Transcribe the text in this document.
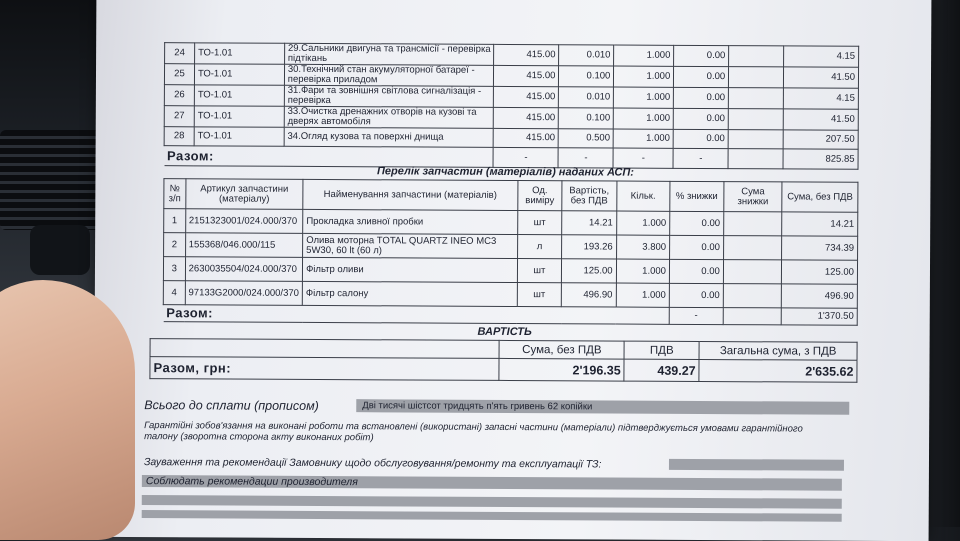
24	ТО-1.01	29.Сальники двигуна та трансмісії - перевірка підтікань	415.00	0.010	1.000	0.00		4.15
25	ТО-1.01	30.Технічний стан акумуляторної батареї - перевірка приладом	415.00	0.100	1.000	0.00		41.50
26	ТО-1.01	31.Фари та зовнішня світлова сигналізація - перевірка	415.00	0.010	1.000	0.00		4.15
27	ТО-1.01	33.Очистка дренажних отворів на кузові та дверях автомобіля	415.00	0.100	1.000	0.00		41.50
28	ТО-1.01	34.Огляд кузова та поверхні днища	415.00	0.500	1.000	0.00		207.50
Разом:			-	-	-	-		825.85
Перелік запчастин (матеріалів) наданих АСП:
№ з/п	Артикул запчастини (матеріалу)	Найменування запчастини (матеріалів)	Од. виміру	Вартість, без ПДВ	Кільк.	% знижки	Сума знижки	Сума, без ПДВ
1	2151323001/024.000/370	Прокладка зливної пробки	шт	14.21	1.000	0.00		14.21
2	155368/046.000/115	Олива моторна TOTAL QUARTZ INEO MC3 5W30, 60 lt (60 л)	л	193.26	3.800	0.00		734.39
3	2630035504/024.000/370	Фільтр оливи	шт	125.00	1.000	0.00		125.00
4	97133G2000/024.000/370	Фільтр салону	шт	496.90	1.000	0.00		496.90
Разом:						-		1'370.50
ВАРТІСТЬ
	Сума, без ПДВ	ПДВ	Загальна сума, з ПДВ
Разом, грн:	2'196.35	439.27	2'635.62
Всього до сплати (прописом)	Дві тисячі шістсот тридцять п'ять гривень 62 копійки
Гарантійні зобов'язання на виконані роботи та встановлені (використані) запасні частини (матеріали) підтверджується умовами гарантійного талону (зворотна сторона акту виконаних робіт)
Зауваження та рекомендації Замовнику щодо обслуговування/ремонту та експлуатації ТЗ:
Соблюдать рекомендации производителя
